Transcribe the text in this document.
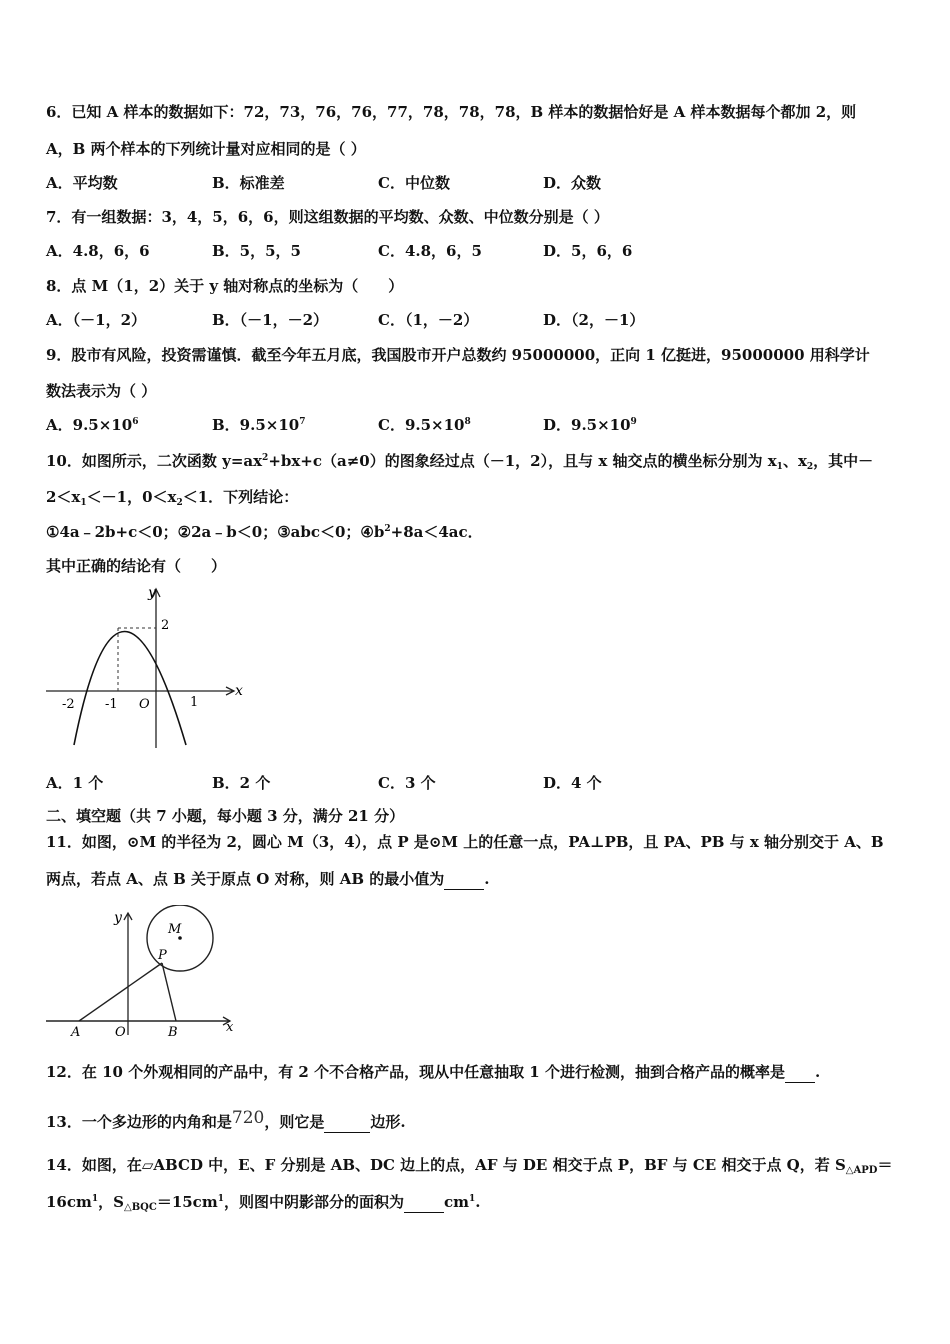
6．已知 A 样本的数据如下：72，73，76，76，77，78，78，78，B 样本的数据恰好是 A 样本数据每个都加 2，则
A，B 两个样本的下列统计量对应相同的是（ ）
A．平均数	B．标准差	C．中位数	D．众数
7．有一组数据：3，4，5，6，6，则这组数据的平均数、众数、中位数分别是（ ）
A．4.8，6，6	B．5，5，5	C．4.8，6，5	D．5，6，6
8．点 M（1，2）关于 y 轴对称点的坐标为（　　）
A．（－1，2）	B．（－1，－2）	C．（1，－2）	D．（2，－1）
9．股市有风险，投资需谨慎．截至今年五月底，我国股市开户总数约 95000000，正向 1 亿挺进，95000000 用科学计
数法表示为（ ）
A．$9.5\times 10^6$	B．$9.5\times 10^7$	C．$9.5\times 10^8$	D．$9.5\times 10^9$
10．如图所示，二次函数 $y=ax^2+bx+c(a\ne 0)$的图象经过点（－1，2），且与 x 轴交点的横坐标分别为 $x_1$、$x_2$，其中－
$2<x_1<-1$，$0<x_2<1$．下列结论：
①4a﹣2b+c＜0；②2a﹣b＜0；③abc＜0；$④b^2+8a<4ac$．
其中正确的结论有（　　）
y
x
2
-2 -1 O	1
A．1 个	B．2 个	C．3 个	D．4 个
二、填空题（共 7 小题，每小题 3 分，满分 21 分）
11．如图，⊙M 的半径为 2，圆心 M（3，4），点 P 是⊙M 上的任意一点，PA⊥PB，且 PA、PB 与 x 轴分别交于 A、B
两点，若点 A、点 B 关于原点 O 对称，则 AB 的最小值为	.
y
x
M
P
A	O	B
12．在 10 个外观相同的产品中，有 2 个不合格产品，现从中任意抽取 1 个进行检测，抽到合格产品的概率是 .
13．一个多边形的内角和是720，则它是	边形.
14．如图，在▱ABCD 中，E、F 分别是 AB、DC 边上的点，AF 与 DE 相交于点 P，BF 与 CE 相交于点 Q，若 $S_{\triangle APD}=$
$16cm^1$，$S_{\triangle BQC}=15cm^1$，则图中阴影部分的面积为	$cm^1$.
